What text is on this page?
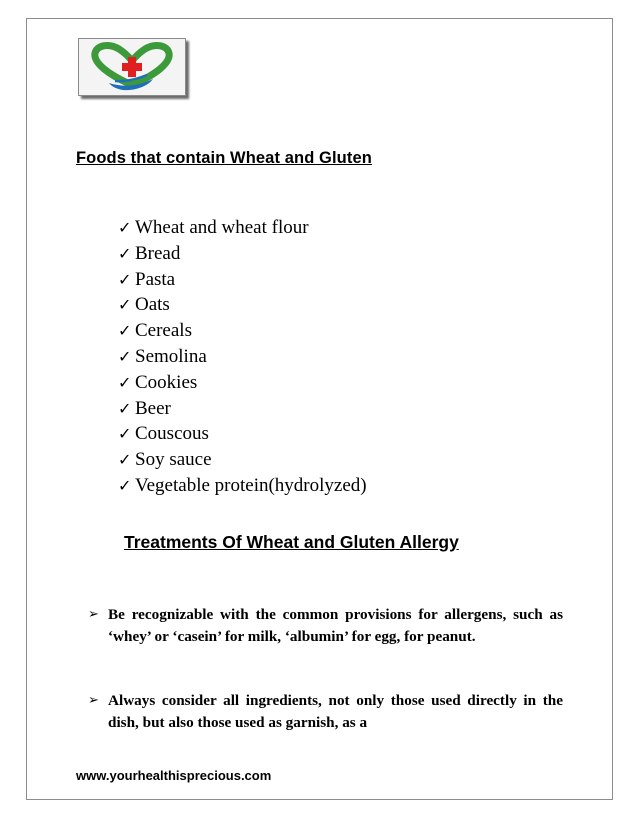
Foods that contain Wheat and Gluten
✓ Wheat and wheat flour
✓ Bread
✓ Pasta
✓ Oats
✓ Cereals
✓ Semolina
✓ Cookies
✓ Beer
✓ Couscous
✓ Soy sauce
✓ Vegetable protein(hydrolyzed)
Treatments Of Wheat and Gluten Allergy
➢ Be recognizable with the common provisions for allergens, such as ‘whey’ or ‘casein’ for milk, ‘albumin’ for egg, for peanut.

➢ Always consider all ingredients, not only those used directly in the dish, but also those used as garnish, as a

www.yourhealthisprecious.com
